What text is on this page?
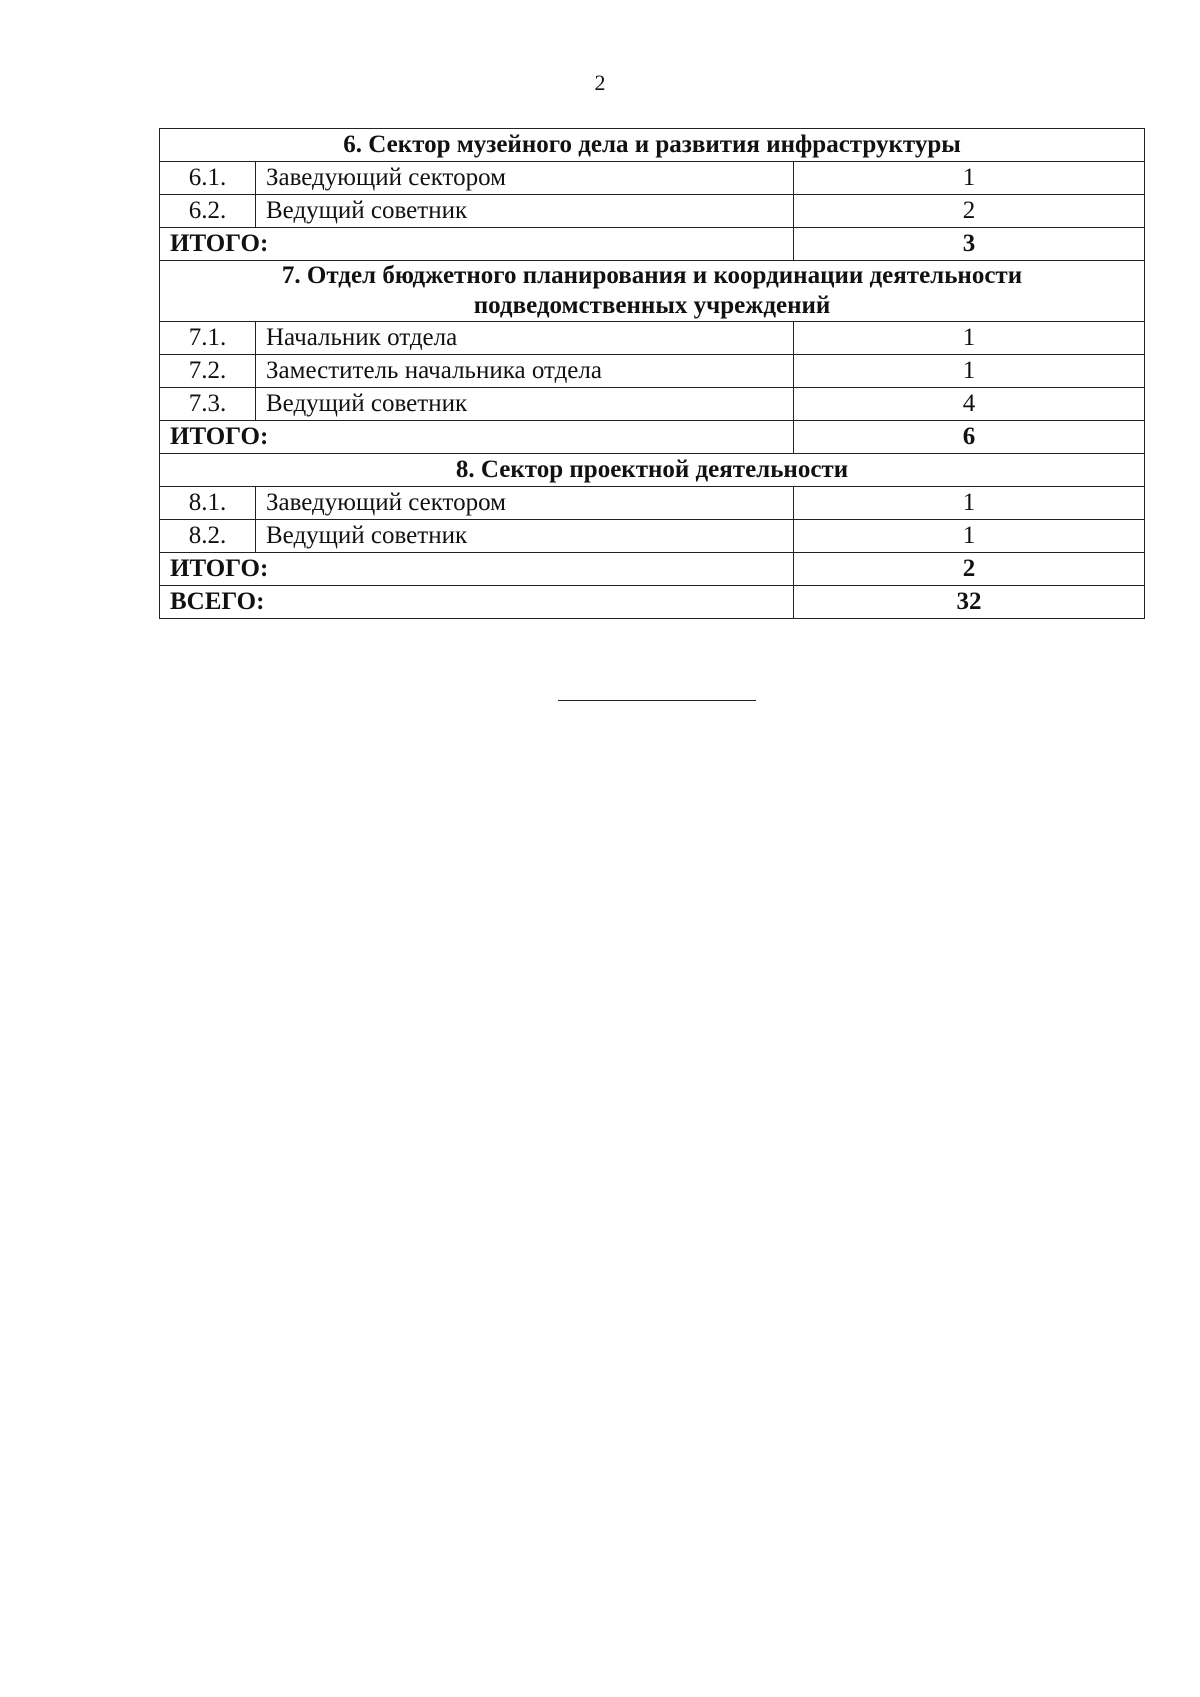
2
6. Сектор музейного дела и развития инфраструктуры		
6.1.	Заведующий сектором	1
6.2.	Ведущий советник	2
ИТОГО:		3
7. Отдел бюджетного планирования и координации деятельности подведомственных учреждений		
7.1.	Начальник отдела	1
7.2.	Заместитель начальника отдела	1
7.3.	Ведущий советник	4
ИТОГО:		6
8. Сектор проектной деятельности		
8.1.	Заведующий сектором	1
8.2.	Ведущий советник	1
ИТОГО:		2
ВСЕГО:		32
